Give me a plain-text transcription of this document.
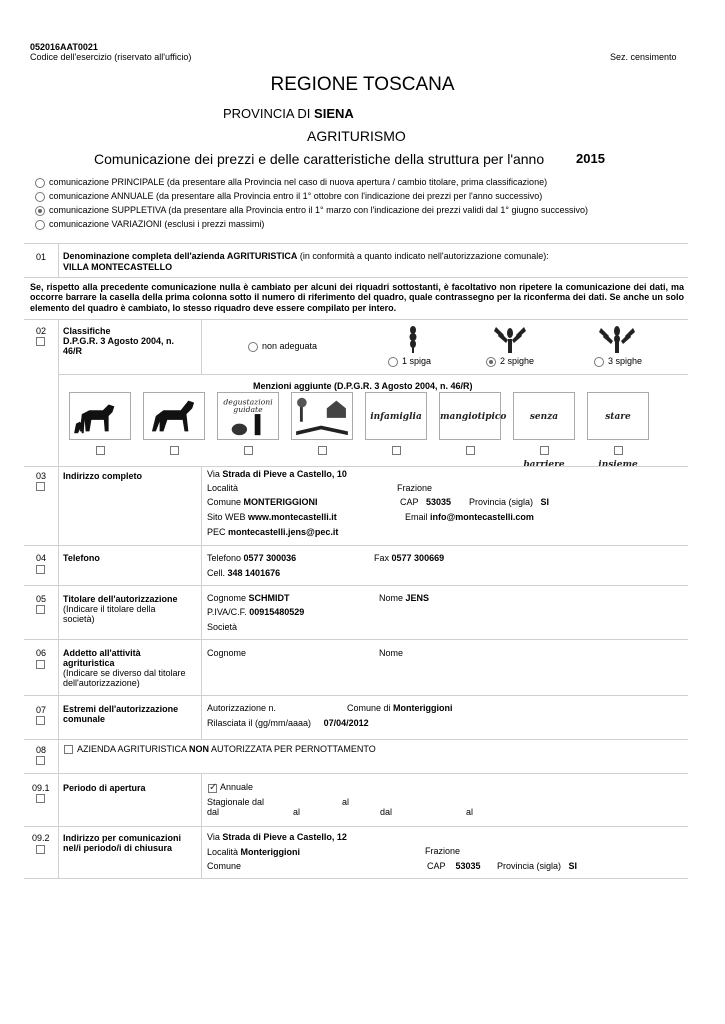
052016AAT0021
Codice dell'esercizio (riservato all'ufficio)	Sez. censimento
REGIONE TOSCANA
PROVINCIA DI SIENA
AGRITURISMO
Comunicazione dei prezzi e delle caratteristiche della struttura per l'anno 2015
comunicazione PRINCIPALE (da presentare alla Provincia nel caso di nuova apertura / cambio titolare, prima classificazione)
comunicazione ANNUALE (da presentare alla Provincia entro il 1° ottobre con l'indicazione dei prezzi per l'anno successivo)
comunicazione SUPPLETIVA (da presentare alla Provincia entro il 1° marzo con l'indicazione dei prezzi validi dal 1° giugno successivo)
comunicazione VARIAZIONI (esclusi i prezzi massimi)
01 Denominazione completa dell'azienda AGRITURISTICA (in conformità a quanto indicato nell'autorizzazione comunale):
VILLA MONTECASTELLO
Se, rispetto alla precedente comunicazione nulla è cambiato per alcuni dei riquadri sottostanti, è facoltativo non ripetere la comunicazione dei dati, ma occorre barrare la casella della prima colonna sotto il numero di riferimento del quadro, quale contrassegno per la riconferma dei dati. Se anche un solo elemento del quadro è cambiato, lo stesso riquadro deve essere compilato per intero.
02 Classifiche
D.P.G.R. 3 Agosto 2004, n. 46/R	non adeguata
1 spiga	2 spighe	3 spighe
Menzioni aggiunte (D.P.G.R. 3 Agosto 2004, n. 46/R)
degustazioni
guidate
infamiglia	mangiotipico	senza barriere
stare insieme
03 Indirizzo completo	Via Strada di Pieve a Castello, 10
Località	Frazione
Comune MONTERIGGIONI	CAP 53035 Provincia (sigla) SI
Sito WEB www.montecastelli.it	Email info@montecastelli.com
PEC montecastelli.jens@pec.it
04 Telefono	Telefono 0577 300036	Fax 0577 300669
Cell. 348 1401676
05 Titolare dell'autorizzazione
(Indicare il titolare della società)
Cognome SCHMIDT	Nome JENS
P.IVA/C.F. 00915480529
Società
06 Addetto all'attività agrituristica
(Indicare se diverso dal titolare dell'autorizzazione)
Cognome	Nome
07 Estremi dell'autorizzazione comunale
Autorizzazione n.	Comune di Monteriggioni
Rilasciata il (gg/mm/aaaa) 07/04/2012
08	AZIENDA AGRITURISTICA NON AUTORIZZATA PER PERNOTTAMENTO
09.1 Periodo di apertura
✓	Annuale
Stagionale dal	al
dal	al	dal	al
09.2 Indirizzo per comunicazioni nel/i periodo/i di chiusura
Via Strada di Pieve a Castello, 12
Frazione
Località Monteriggioni
Comune	CAP 53035 Provincia (sigla) SI
